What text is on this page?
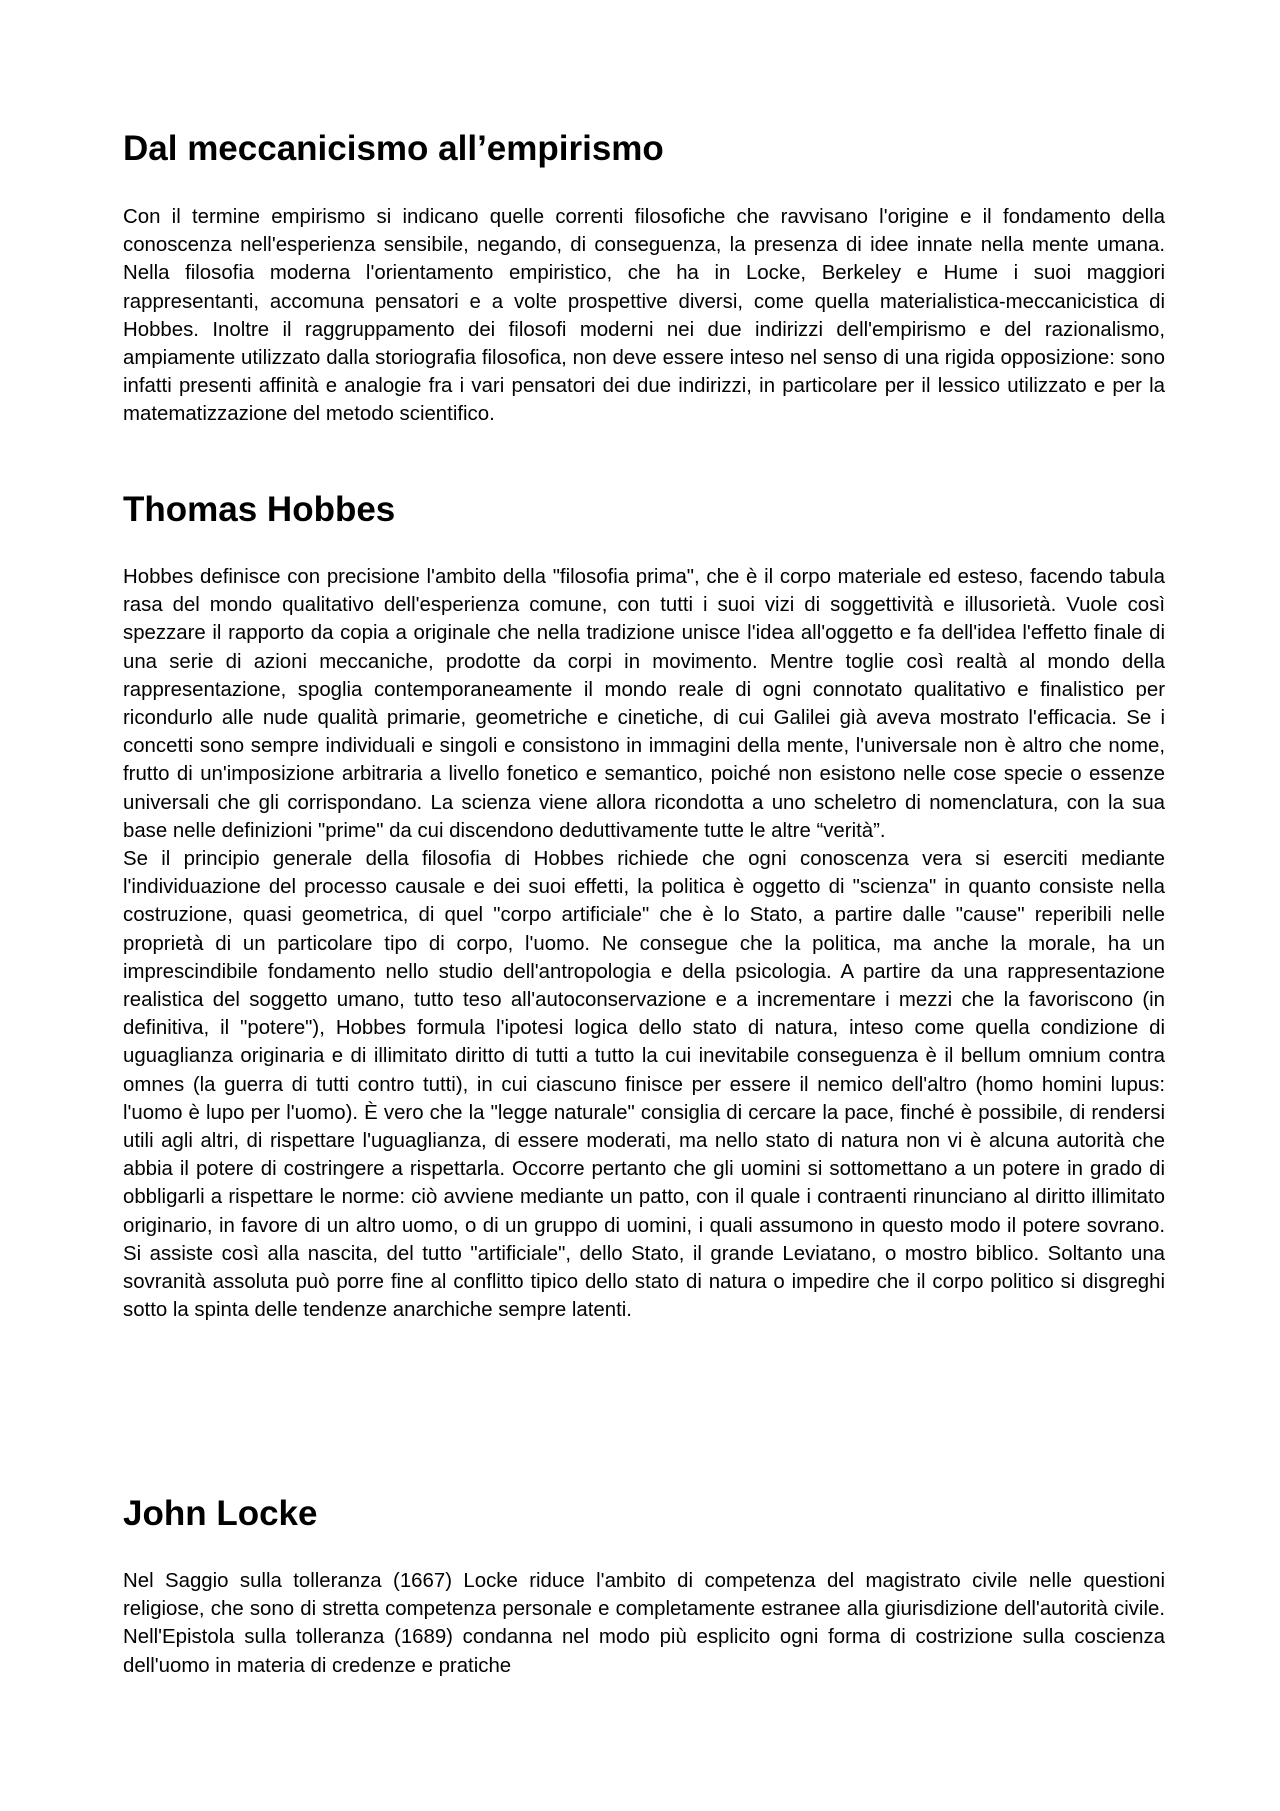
Dal meccanicismo all’empirismo

Con il termine empirismo si indicano quelle correnti filosofiche che ravvisano l'origine e il fondamento della conoscenza nell'esperienza sensibile, negando, di conseguenza, la presenza di idee innate nella mente umana. Nella filosofia moderna l'orientamento empiristico, che ha in Locke, Berkeley e Hume i suoi maggiori rappresentanti, accomuna pensatori e a volte prospettive diversi, come quella materialistica-meccanicistica di Hobbes. Inoltre il raggruppamento dei filosofi moderni nei due indirizzi dell'empirismo e del razionalismo, ampiamente utilizzato dalla storiografia filosofica, non deve essere inteso nel senso di una rigida opposizione: sono infatti presenti affinità e analogie fra i vari pensatori dei due indirizzi, in particolare per il lessico utilizzato e per la matematizzazione del metodo scientifico.

Thomas Hobbes

Hobbes definisce con precisione l'ambito della "filosofia prima", che è il corpo materiale ed esteso, facendo tabula rasa del mondo qualitativo dell'esperienza comune, con tutti i suoi vizi di soggettività e illusorietà. Vuole così spezzare il rapporto da copia a originale che nella tradizione unisce l'idea all'oggetto e fa dell'idea l'effetto finale di una serie di azioni meccaniche, prodotte da corpi in movimento. Mentre toglie così realtà al mondo della rappresentazione, spoglia contemporaneamente il mondo reale di ogni connotato qualitativo e finalistico per ricondurlo alle nude qualità primarie, geometriche e cinetiche, di cui Galilei già aveva mostrato l'efficacia. Se i concetti sono sempre individuali e singoli e consistono in immagini della mente, l'universale non è altro che nome, frutto di un'imposizione arbitraria a livello fonetico e semantico, poiché non esistono nelle cose specie o essenze universali che gli corrispondano. La scienza viene allora ricondotta a uno scheletro di nomenclatura, con la sua base nelle definizioni "prime" da cui discendono deduttivamente tutte le altre “verità”.
Se il principio generale della filosofia di Hobbes richiede che ogni conoscenza vera si eserciti mediante l'individuazione del processo causale e dei suoi effetti, la politica è oggetto di "scienza" in quanto consiste nella costruzione, quasi geometrica, di quel "corpo artificiale" che è lo Stato, a partire dalle "cause" reperibili nelle proprietà di un particolare tipo di corpo, l'uomo. Ne consegue che la politica, ma anche la morale, ha un imprescindibile fondamento nello studio dell'antropologia e della psicologia. A partire da una rappresentazione realistica del soggetto umano, tutto teso all'autoconservazione e a incrementare i mezzi che la favoriscono (in definitiva, il "potere"), Hobbes formula l'ipotesi logica dello stato di natura, inteso come quella condizione di uguaglianza originaria e di illimitato diritto di tutti a tutto la cui inevitabile conseguenza è il bellum omnium contra omnes (la guerra di tutti contro tutti), in cui ciascuno finisce per essere il nemico dell'altro (homo homini lupus: l'uomo è lupo per l'uomo). È vero che la "legge naturale" consiglia di cercare la pace, finché è possibile, di rendersi utili agli altri, di rispettare l'uguaglianza, di essere moderati, ma nello stato di natura non vi è alcuna autorità che abbia il potere di costringere a rispettarla. Occorre pertanto che gli uomini si sottomettano a un potere in grado di obbligarli a rispettare le norme: ciò avviene mediante un patto, con il quale i contraenti rinunciano al diritto illimitato originario, in favore di un altro uomo, o di un gruppo di uomini, i quali assumono in questo modo il potere sovrano. Si assiste così alla nascita, del tutto "artificiale", dello Stato, il grande Leviatano, o mostro biblico. Soltanto una sovranità assoluta può porre fine al conflitto tipico dello stato di natura o impedire che il corpo politico si disgreghi sotto la spinta delle tendenze anarchiche sempre latenti.

John Locke

Nel Saggio sulla tolleranza (1667) Locke riduce l'ambito di competenza del magistrato civile nelle questioni religiose, che sono di stretta competenza personale e completamente estranee alla giurisdizione dell'autorità civile. Nell'Epistola sulla tolleranza (1689) condanna nel modo più esplicito ogni forma di costrizione sulla coscienza dell'uomo in materia di credenze e pratiche
